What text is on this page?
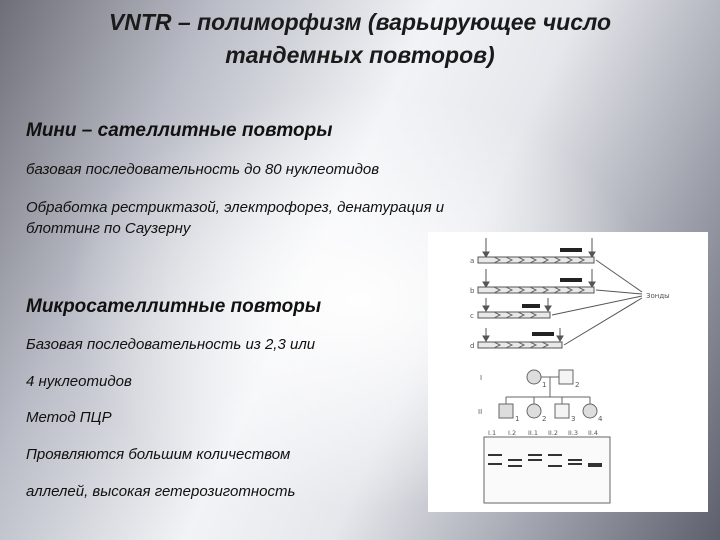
VNTR – полиморфизм (варьирующее число
тандемных повторов)
Мини – сателлитные повторы
базовая последовательность до 80 нуклеотидов
Обработка рестриктазой, электрофорез, денатурация и
блоттинг по Саузерну
Микросателлитные повторы
Базовая последовательность из 2,3 или
4 нуклеотидов
Метод ПЦР
Проявляются большим количеством
аллелей, высокая гетерозиготность
a
b
c
d
Зонды
I
II
1	2
1	2	3	4
I.1 I.2 II.1 II.2 II.3 II.4
